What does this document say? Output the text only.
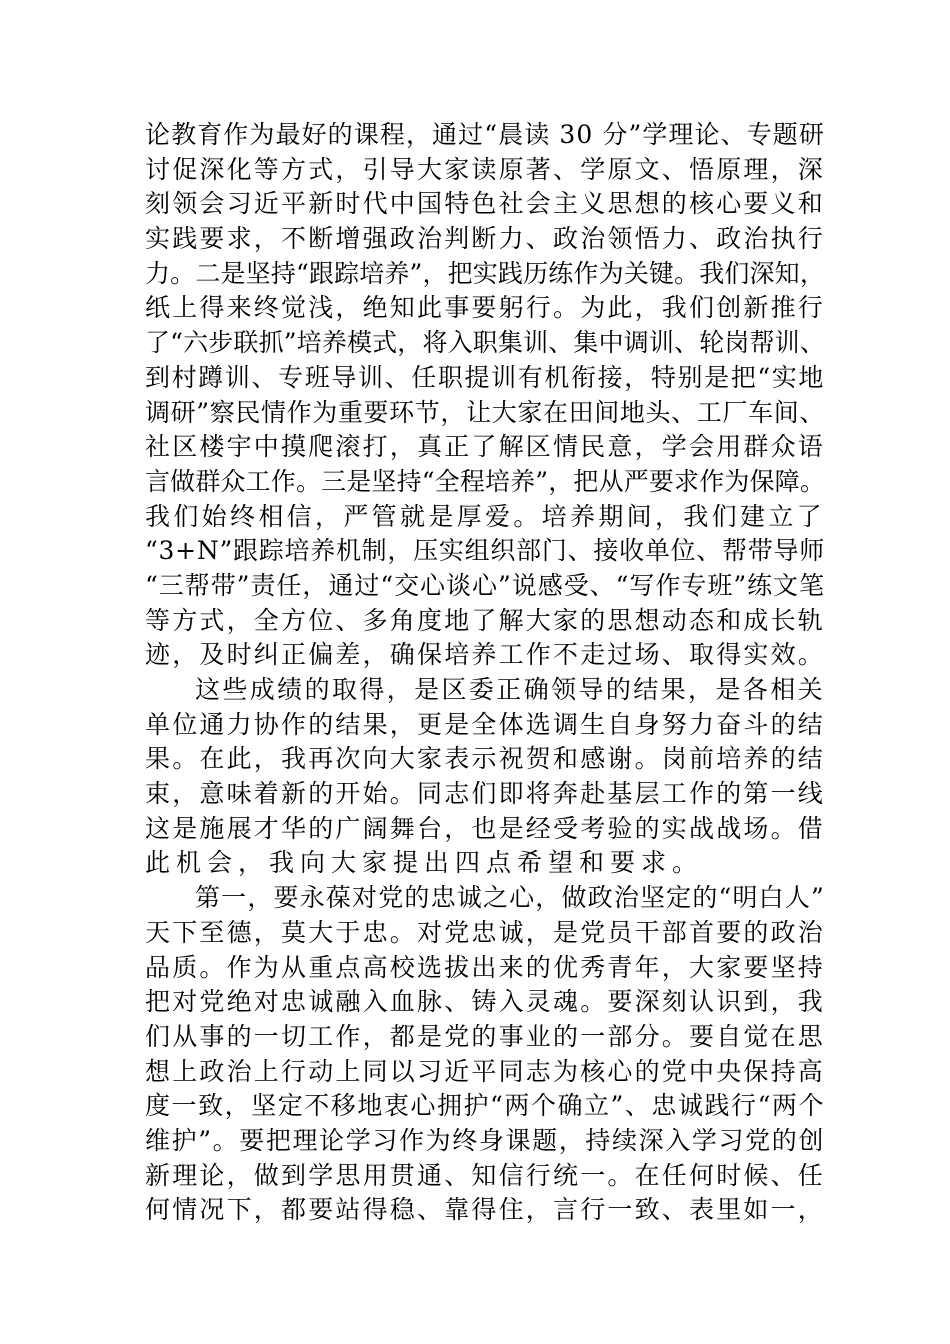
论教育作为最好的课程，通过“晨读 30 分”学理论、专题研
讨促深化等方式，引导大家读原著、学原文、悟原理，深
刻领会习近平新时代中国特色社会主义思想的核心要义和
实践要求，不断增强政治判断力、政治领悟力、政治执行
力。二是坚持“跟踪培养”，把实践历练作为关键。我们深知，
纸上得来终觉浅，绝知此事要躬行。为此，我们创新推行
了“六步联抓”培养模式，将入职集训、集中调训、轮岗帮训、
到村蹲训、专班导训、任职提训有机衔接，特别是把“实地
调研”察民情作为重要环节，让大家在田间地头、工厂车间、
社区楼宇中摸爬滚打，真正了解区情民意，学会用群众语
言做群众工作。三是坚持“全程培养”，把从严要求作为保障。
我们始终相信，严管就是厚爱。培养期间，我们建立了
“3+N”跟踪培养机制，压实组织部门、接收单位、帮带导师
“三帮带”责任，通过“交心谈心”说感受、“写作专班”练文笔
等方式，全方位、多角度地了解大家的思想动态和成长轨
迹，及时纠正偏差，确保培养工作不走过场、取得实效。
这些成绩的取得，是区委正确领导的结果，是各相关
单位通力协作的结果，更是全体选调生自身努力奋斗的结
果。在此，我再次向大家表示祝贺和感谢。岗前培养的结
束，意味着新的开始。同志们即将奔赴基层工作的第一线
这是施展才华的广阔舞台，也是经受考验的实战战场。借
此机会，我向大家提出四点希望和要求。
第一，要永葆对党的忠诚之心，做政治坚定的“明白人”
天下至德，莫大于忠。对党忠诚，是党员干部首要的政治
品质。作为从重点高校选拔出来的优秀青年，大家要坚持
把对党绝对忠诚融入血脉、铸入灵魂。要深刻认识到，我
们从事的一切工作，都是党的事业的一部分。要自觉在思
想上政治上行动上同以习近平同志为核心的党中央保持高
度一致，坚定不移地衷心拥护“两个确立”、忠诚践行“两个
维护”。要把理论学习作为终身课题，持续深入学习党的创
新理论，做到学思用贯通、知信行统一。在任何时候、任
何情况下，都要站得稳、靠得住，言行一致、表里如一，
